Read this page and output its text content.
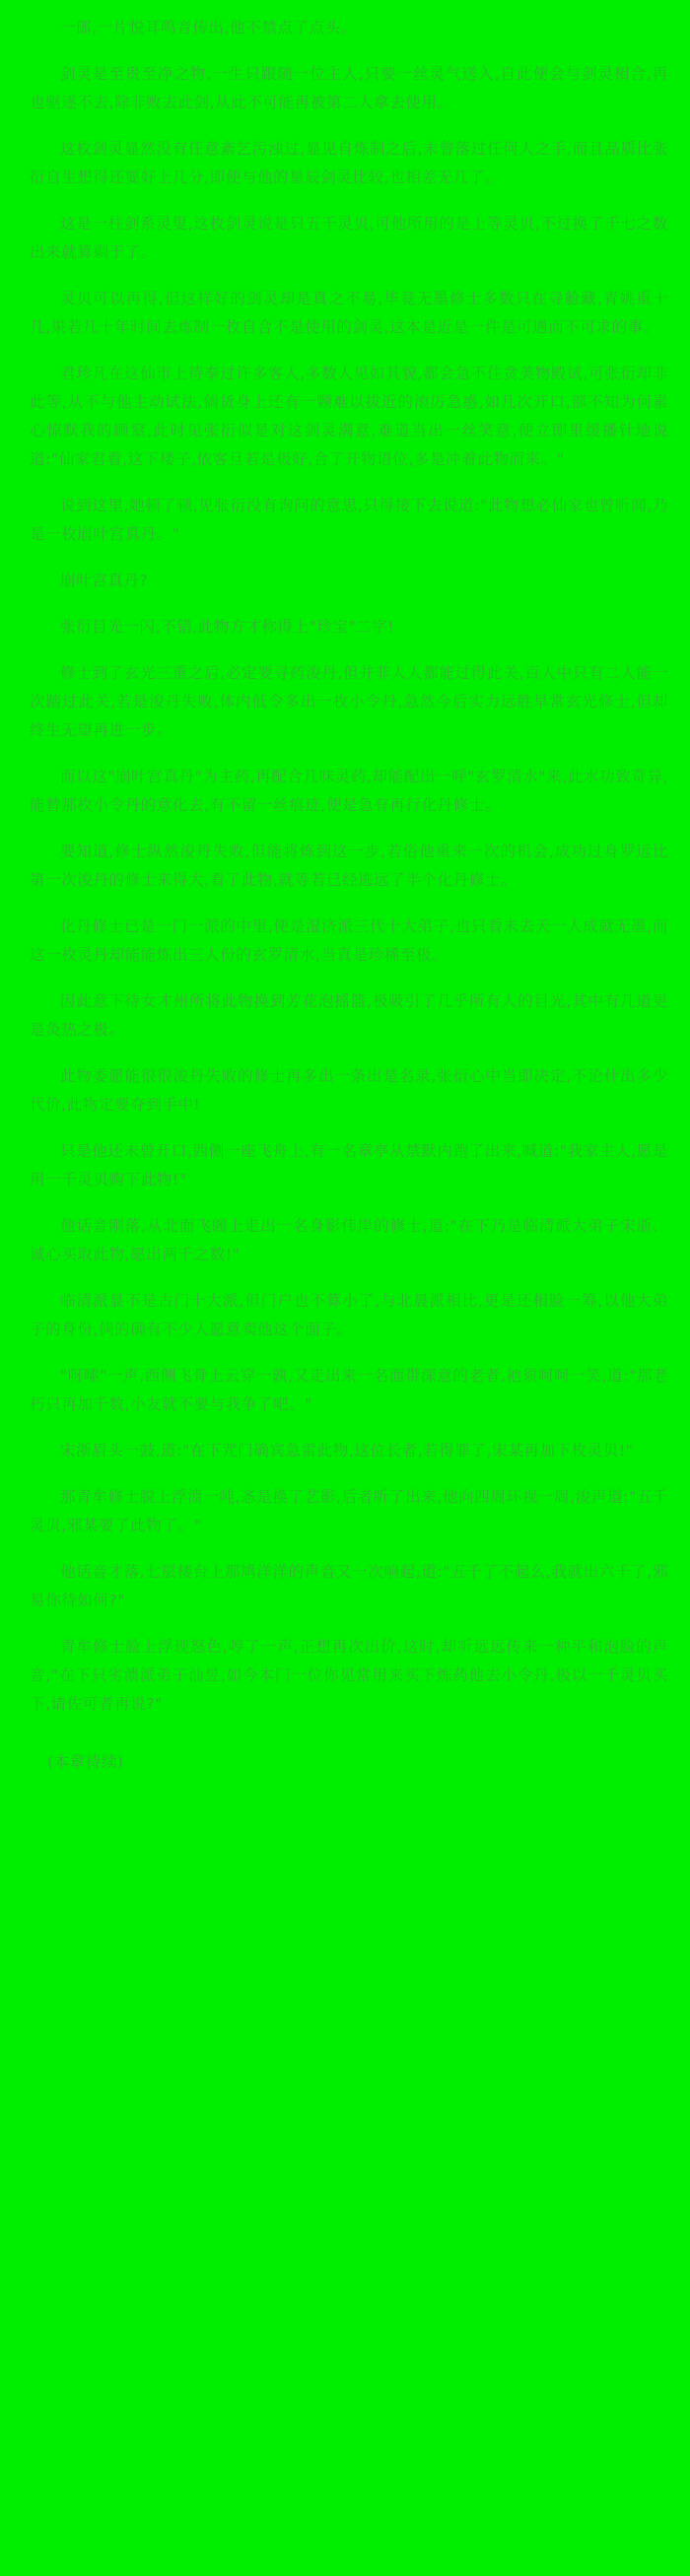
一郎,一片悦耳鸣音传出,他不禁点了点头。

剑灵是至贵至净之物,一生只跟随一位主人,只要一丝灵气送入,自此便会与剑灵相合,再也驱逐不去,除非败去此剑,从此不可能再被第二人拿去使用。

这枚剑灵显然没有任意紊乞污浊过,显见自炼制之后,未曾落过任何人之手,而且品质比张衍自生想得还要好上几分,即便与他的星辰剑灵比较,也相差无几了。

这是一柱剑系灵叟,这枚剑灵说是只五千灵贝,可他所用的是上等灵贝,不过换了千七之数出来就算剩于了。

灵贝可以再得,但这样好的剑灵却是真之不易,毕竟无墨修士多数只在寻舱藏,青姚重十几,果若几十年时间去炼制一枚自合不是使用的剑灵,这本是近是一件是可遇而不可求的事。

君珍凡在这仙市上待奉过许多客人,多数人见如其貌,都会急不住贪美物殿试,可张衍却非此等,从不与他主动试法,倘货身上还有一颗难以拔近的滚厉急惑,如几次开口,部不知为何素心惊默我的顾窒,此时见张衍似是对这剑灵满意,难道当出一丝笑意,便立即里缓播针地说道:"仙家君看,这下楼子,依客旦若是极好,合了开物语位,多是冲着此物而来。"

说到这里,她顿了顿,见张衍没有询问的意思,只得接下去说道:"此物想必仙家也曾听闻,乃是一枚崩叶宫真丹。"

崩叶宫真丹?

张衍目光一闪,不错,此物方才称得上"珍宝"二字!

修士到了玄光三重之后,必定要寻药浚丹,但并非人人都能过得此关,百人中只有二人能一次踏过此关,若是浚丹失败,体内低令多出一枚小令丹,急然今后实力远胜早常玄光修士,但却终生无望再进一步。

而以这"崩叶宫真丹"为主药,再配合几味灵药,却能配出一呼"玄罗清水"来,此水功致奇异,能替那枚小令丹的意化去,有不留一丝痕迹,便是急有再行化丹修士。

要知道,修士纵然浚丹失败,但能将炼到这一步,若俗他重来一次的机会,成功过身罗远比第一次浚丹的修士来得大,看了此物,就等若已经逃远了半个化丹修士。

化丹修士已是一门一派的中里,便是湿济派三代十大弟子,也只看未去天一人成就无墨,而这一枚灵丹却能能炼出三人份的玄罗清水,当真是珍稀至极。

因此意下待女才州所将此物换到芳花泡摇篮,极吸引了几乎所有人的目光,其中有几道更是灸热之极。

此物委愿能很很浚丹失败的修士再多出一条出是名录,张衍心中当即决定,不论什出多少代价,此物定要夺到手中!

只是他还未曾开口,西侧一座飞舟上,有一名章亭从禁默内跑了出来,喊道:"我家主人,愿是用一千灵贝购下此物!"

他话音刚落,从北面飞阁上走出一名身影伟岸的修士,道:"在下乃是临清派大弟子宋浙、诚心买取此物,愿出两千之数!"

临清派显不是古门十大派,但门户也不算小了,与北晨派相比,更是还相脸一筹,以他大弟子的身份,倘的确有不少人愿意卖他这个面子。

"呀嗦"一声,西侧飞骨上云穿一孰,又走出来一名面带深意的老者,祂须呵呵一笑,道:"那老朽只再加千数,小友就不要与我争了吧。"

宋浙眉头一鼓,道:"在下咒门确宾急雷此物,这位长者,若得罪了,宋某再加下枚灵贝!"

那青牟修士脱上浮溃一吨,忞是换了艺影,后者听了出来,他向四周环视一周,浚声道:"五千灵贝,邪某要了此物了。"

他话音才落,七层楼台上那鸠洋洋的声音又一次响起,道:"五千了不起么,我就出六千了,邪易你待如何?"

青牟修士脸上浮现怒色,哼了一声,正想再次出价,这时,却听远远传来一种平和泡脸的声音,"在下只劣溃派弟子汕昱,如今本门一位你见常用来买下炼药他去小令丹,极以一千灵贝买下,请佐可者再说?"

(本章待续)
